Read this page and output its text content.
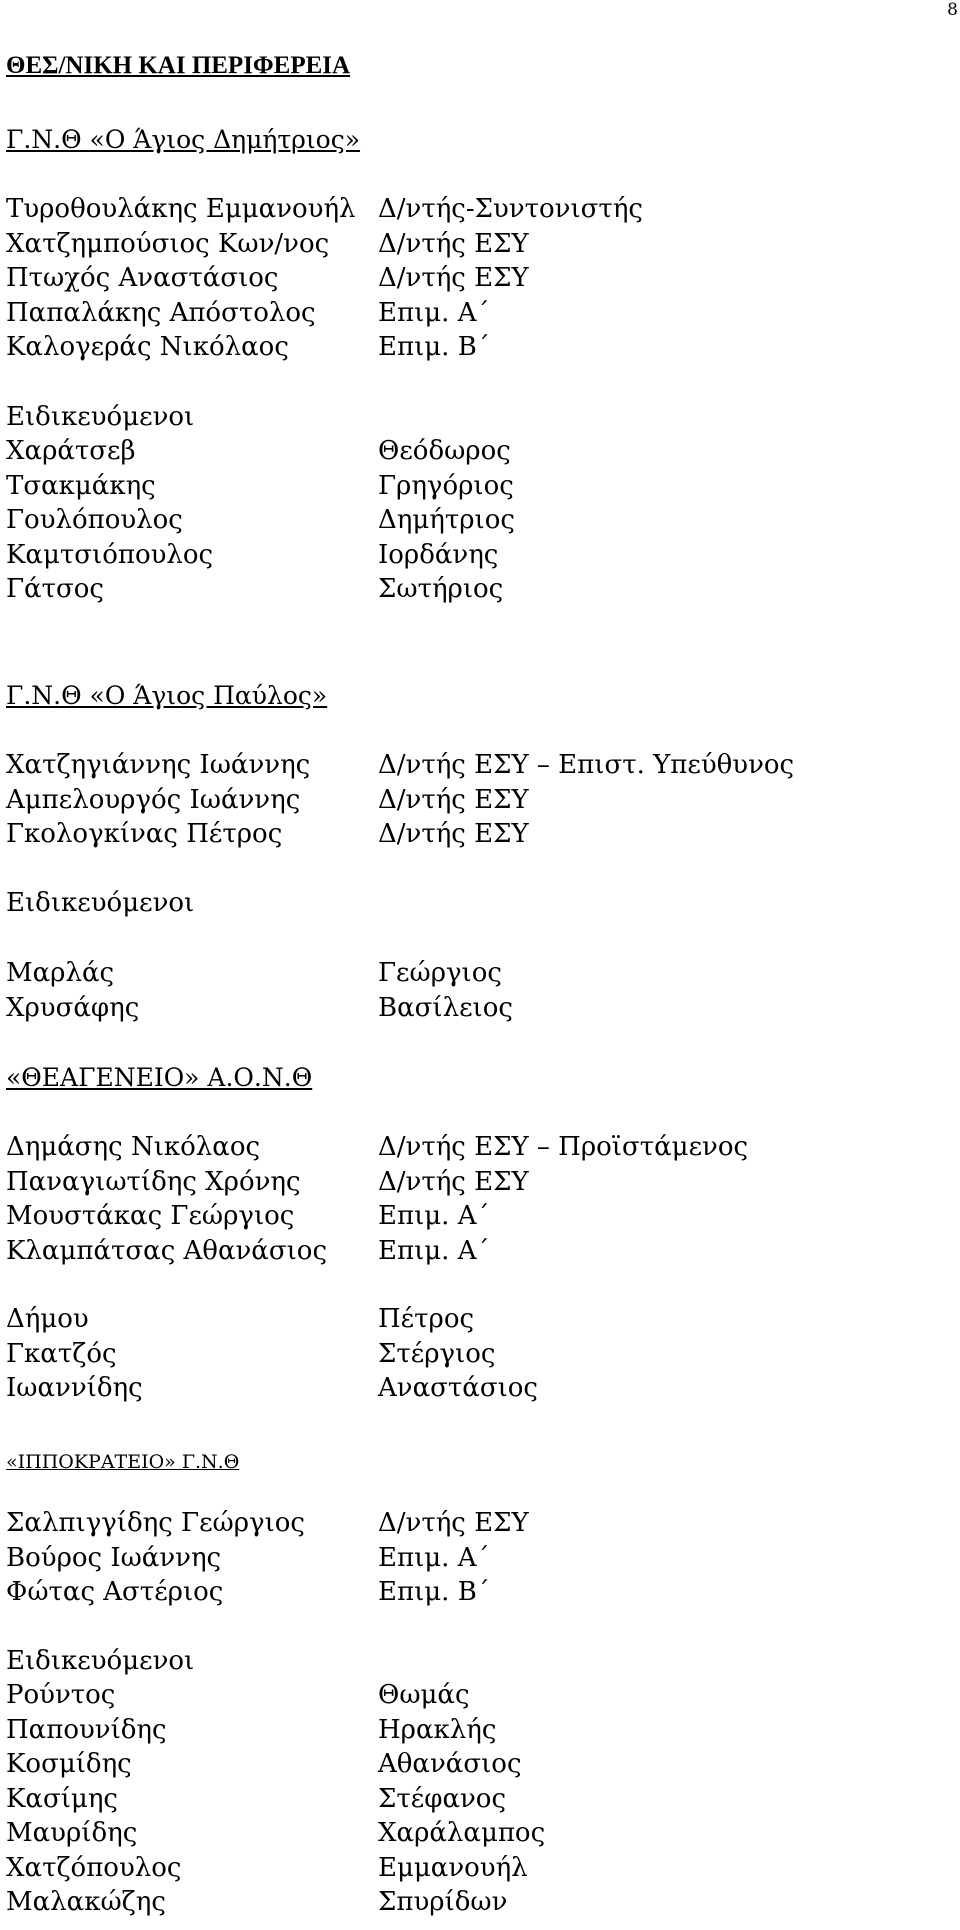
8
ΘΕΣ/ΝΙΚΗ ΚΑΙ ΠΕΡΙΦΕΡΕΙΑ
Γ.Ν.Θ «Ο Άγιος Δημήτριος»
Τυροθουλάκης Εμμανουήλ
Χατζημπούσιος Κων/νος
Πτωχός Αναστάσιος
Παπαλάκης Απόστολος
Καλογεράς Νικόλαος
Δ/ντής-Συντονιστής
Δ/ντής ΕΣΥ
Δ/ντής ΕΣΥ
Επιμ. Α΄
Επιμ. Β΄
Ειδικευόμενοι
Χαράτσεβ
Τσακμάκης
Γουλόπουλος
Καμτσιόπουλος
Γάτσος
Θεόδωρος
Γρηγόριος
Δημήτριος
Ιορδάνης
Σωτήριος
Γ.Ν.Θ «Ο Άγιος Παύλος»
Χατζηγιάννης Ιωάννης
Αμπελουργός Ιωάννης
Γκολογκίνας Πέτρος
Δ/ντής ΕΣΥ – Επιστ. Υπεύθυνος
Δ/ντής ΕΣΥ
Δ/ντής ΕΣΥ
Ειδικευόμενοι
Μαρλάς
Χρυσάφης
Γεώργιος
Βασίλειος
«ΘΕΑΓΕΝΕΙΟ» Α.Ο.Ν.Θ
Δημάσης Νικόλαος
Παναγιωτίδης Χρόνης
Μουστάκας Γεώργιος
Κλαμπάτσας Αθανάσιος
Δ/ντής ΕΣΥ – Προϊστάμενος
Δ/ντής ΕΣΥ
Επιμ. Α΄
Επιμ. Α΄
Δήμου
Γκατζός
Ιωαννίδης
Πέτρος
Στέργιος
Αναστάσιος
«ΙΠΠΟΚΡΑΤΕΙΟ» Γ.Ν.Θ
Σαλπιγγίδης Γεώργιος
Βούρος Ιωάννης
Φώτας Αστέριος
Δ/ντής ΕΣΥ
Επιμ. Α΄
Επιμ. Β΄
Ειδικευόμενοι
Ρούντος
Παπουνίδης
Κοσμίδης
Κασίμης
Μαυρίδης
Χατζόπουλος
Μαλακώζης
Θωμάς
Ηρακλής
Αθανάσιος
Στέφανος
Χαράλαμπος
Εμμανουήλ
Σπυρίδων
